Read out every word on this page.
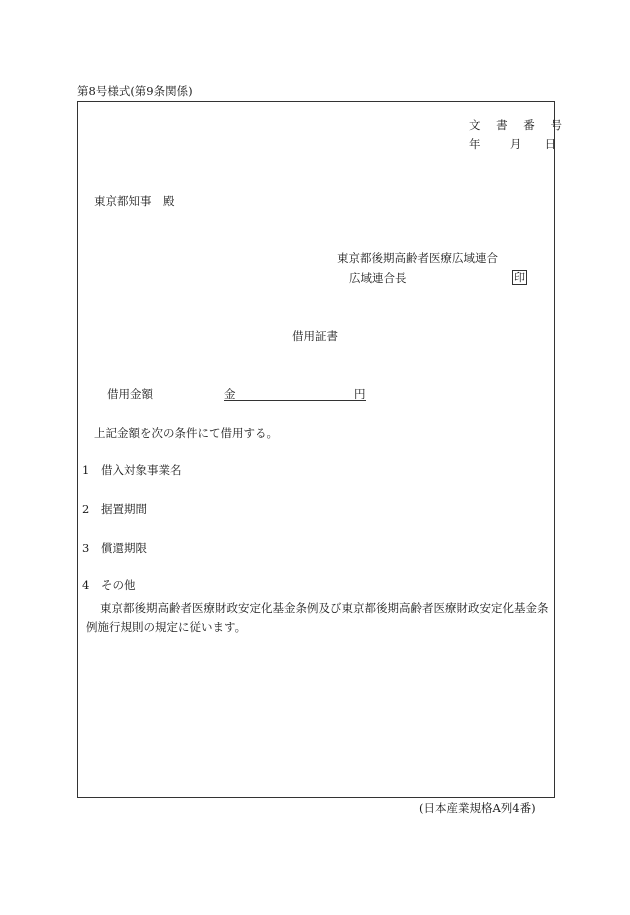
第8号様式(第9条関係)
文 書 番 号
年	月 日
東京都知事　殿
東京都後期高齢者医療広域連合
広域連合長	印
借用証書
借用金額	金	円
上記金額を次の条件にて借用する。
1 借入対象事業名
2 据置期間
3 償還期限
4 その他
東京都後期高齢者医療財政安定化基金条例及び東京都後期高齢者医療財政安定化基金条例施行規則の規定に従います。
(日本産業規格A列4番)
